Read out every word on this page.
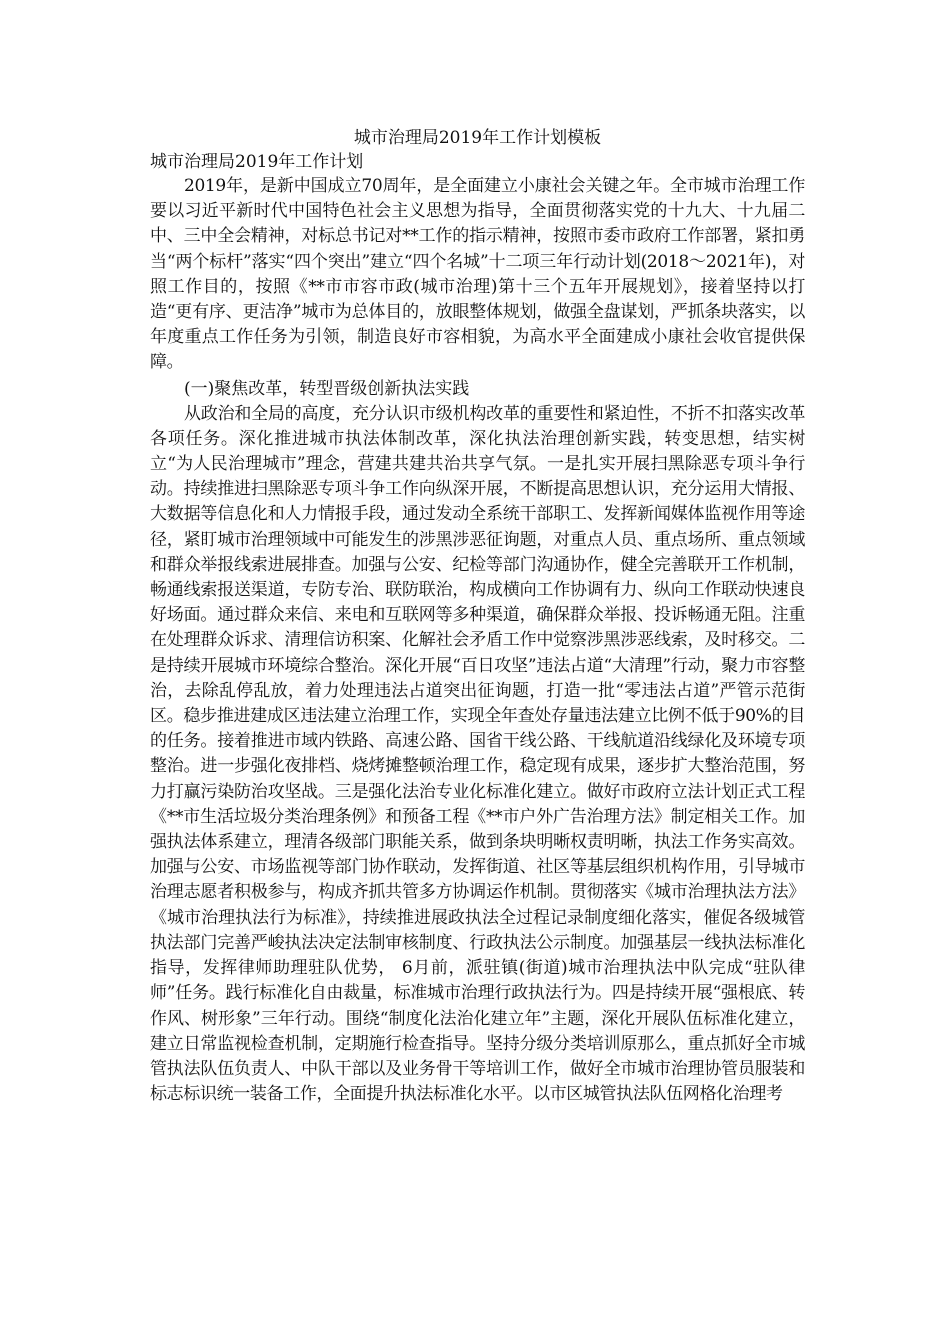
城市治理局2019年工作计划模板
城市治理局2019年工作计划

2019年，是新中国成立70周年，是全面建立小康社会关键之年。全市城市治理工作要以习近平新时代中国特色社会主义思想为指导，全面贯彻落实党的十九大、十九届二中、三中全会精神，对标总书记对**工作的指示精神，按照市委市政府工作部署，紧扣勇当“两个标杆”落实“四个突出”建立“四个名城”十二项三年行动计划(2018～2021年)，对照工作目的，按照《**市市容市政(城市治理)第十三个五年开展规划》，接着坚持以打造“更有序、更洁净”城市为总体目的，放眼整体规划，做强全盘谋划，严抓条块落实，以年度重点工作任务为引领，制造良好市容相貌，为高水平全面建成小康社会收官提供保障。

(一)聚焦改革，转型晋级创新执法实践

从政治和全局的高度，充分认识市级机构改革的重要性和紧迫性，不折不扣落实改革各项任务。深化推进城市执法体制改革，深化执法治理创新实践，转变思想，结实树立“为人民治理城市”理念，营建共建共治共享气氛。一是扎实开展扫黑除恶专项斗争行动。持续推进扫黑除恶专项斗争工作向纵深开展，不断提高思想认识，充分运用大情报、大数据等信息化和人力情报手段，通过发动全系统干部职工、发挥新闻媒体监视作用等途径，紧盯城市治理领域中可能发生的涉黑涉恶征询题，对重点人员、重点场所、重点领域和群众举报线索进展排查。加强与公安、纪检等部门沟通协作，健全完善联开工作机制，畅通线索报送渠道，专防专治、联防联治，构成横向工作协调有力、纵向工作联动快速良好场面。通过群众来信、来电和互联网等多种渠道，确保群众举报、投诉畅通无阻。注重在处理群众诉求、清理信访积案、化解社会矛盾工作中觉察涉黑涉恶线索，及时移交。二是持续开展城市环境综合整治。深化开展“百日攻坚”违法占道“大清理”行动，聚力市容整治，去除乱停乱放，着力处理违法占道突出征询题，打造一批“零违法占道”严管示范街区。稳步推进建成区违法建立治理工作，实现全年查处存量违法建立比例不低于90%的目的任务。接着推进市域内铁路、高速公路、国省干线公路、干线航道沿线绿化及环境专项整治。进一步强化夜排档、烧烤摊整顿治理工作，稳定现有成果，逐步扩大整治范围，努力打赢污染防治攻坚战。三是强化法治专业化标准化建立。做好市政府立法计划正式工程《**市生活垃圾分类治理条例》和预备工程《**市户外广告治理方法》制定相关工作。加强执法体系建立，理清各级部门职能关系，做到条块明晰权责明晰，执法工作务实高效。加强与公安、市场监视等部门协作联动，发挥街道、社区等基层组织机构作用，引导城市治理志愿者积极参与，构成齐抓共管多方协调运作机制。贯彻落实《城市治理执法方法》《城市治理执法行为标准》，持续推进展政执法全过程记录制度细化落实，催促各级城管执法部门完善严峻执法决定法制审核制度、行政执法公示制度。加强基层一线执法标准化指导，发挥律师助理驻队优势， 6月前，派驻镇(街道)城市治理执法中队完成“驻队律师”任务。践行标准化自由裁量，标准城市治理行政执法行为。四是持续开展“强根底、转作风、树形象”三年行动。围绕“制度化法治化建立年”主题，深化开展队伍标准化建立，建立日常监视检查机制，定期施行检查指导。坚持分级分类培训原那么，重点抓好全市城管执法队伍负责人、中队干部以及业务骨干等培训工作，做好全市城市治理协管员服装和标志标识统一装备工作，全面提升执法标准化水平。以市区城管执法队伍网格化治理考
